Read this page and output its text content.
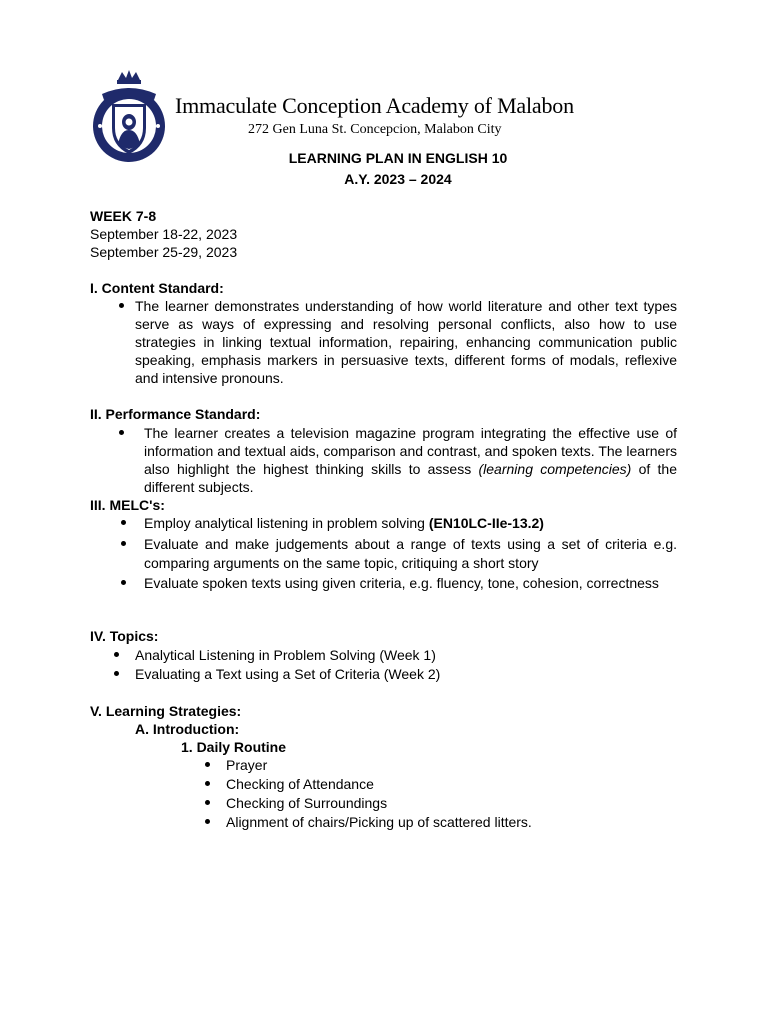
Immaculate Conception Academy of Malabon
272 Gen Luna St. Concepcion, Malabon City
LEARNING PLAN IN ENGLISH 10
A.Y. 2023 – 2024
WEEK 7-8
September 18-22, 2023
September 25-29, 2023
I. Content Standard:
The learner demonstrates understanding of how world literature and other text types serve as ways of expressing and resolving personal conflicts, also how to use strategies in linking textual information, repairing, enhancing communication public speaking, emphasis markers in persuasive texts, different forms of modals, reflexive and intensive pronouns.
II. Performance Standard:
The learner creates a television magazine program integrating the effective use of information and textual aids, comparison and contrast, and spoken texts. The learners also highlight the highest thinking skills to assess (learning competencies) of the different subjects.
III. MELC's:
Employ analytical listening in problem solving (EN10LC-IIe-13.2)
Evaluate and make judgements about a range of texts using a set of criteria e.g. comparing arguments on the same topic, critiquing a short story
Evaluate spoken texts using given criteria, e.g. fluency, tone, cohesion, correctness
IV. Topics:
Analytical Listening in Problem Solving (Week 1)
Evaluating a Text using a Set of Criteria (Week 2)
V. Learning Strategies:
A. Introduction:
1. Daily Routine
Prayer
Checking of Attendance
Checking of Surroundings
Alignment of chairs/Picking up of scattered litters.
